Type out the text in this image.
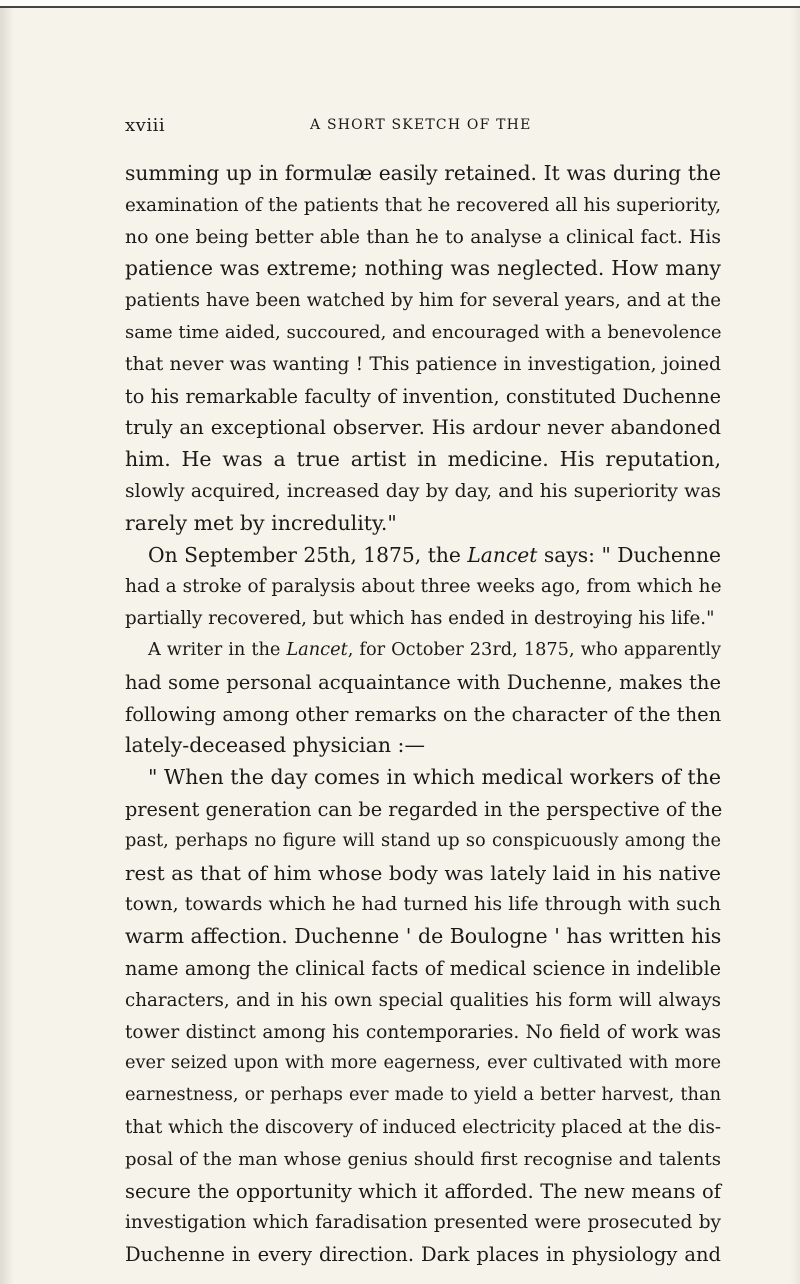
xviii	A SHORT SKETCH OF THE
summing up in formulæ easily retained. It was during the
examination of the patients that he recovered all his superiority,
no one being better able than he to analyse a clinical fact. His
patience was extreme; nothing was neglected. How many
patients have been watched by him for several years, and at the
same time aided, succoured, and encouraged with a benevolence
that never was wanting ! This patience in investigation, joined
to his remarkable faculty of invention, constituted Duchenne
truly an exceptional observer. His ardour never abandoned
him. He was a true artist in medicine. His reputation,
slowly acquired, increased day by day, and his superiority was
rarely met by incredulity."
On September 25th, 1875, the Lancet says: " Duchenne
had a stroke of paralysis about three weeks ago, from which he
partially recovered, but which has ended in destroying his life."
A writer in the Lancet, for October 23rd, 1875, who apparently
had some personal acquaintance with Duchenne, makes the
following among other remarks on the character of the then
lately-deceased physician :—
" When the day comes in which medical workers of the
present generation can be regarded in the perspective of the
past, perhaps no figure will stand up so conspicuously among the
rest as that of him whose body was lately laid in his native
town, towards which he had turned his life through with such
warm affection. Duchenne ' de Boulogne ' has written his
name among the clinical facts of medical science in indelible
characters, and in his own special qualities his form will always
tower distinct among his contemporaries. No field of work was
ever seized upon with more eagerness, ever cultivated with more
earnestness, or perhaps ever made to yield a better harvest, than
that which the discovery of induced electricity placed at the dis-
posal of the man whose genius should first recognise and talents
secure the opportunity which it afforded. The new means of
investigation which faradisation presented were prosecuted by
Duchenne in every direction. Dark places in physiology and
